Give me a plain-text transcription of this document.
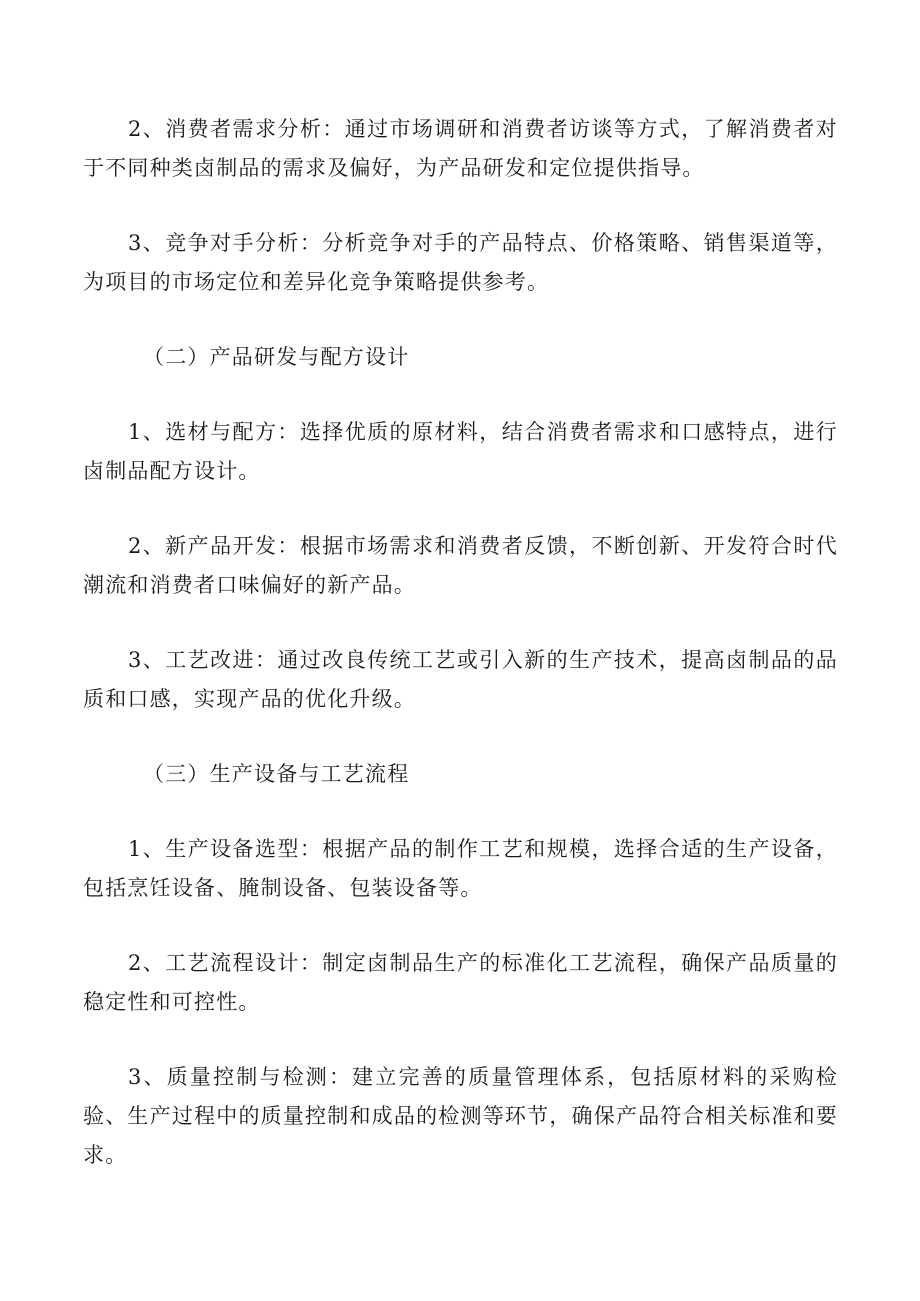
2、消费者需求分析：通过市场调研和消费者访谈等方式，了解消费者对于不同种类卤制品的需求及偏好，为产品研发和定位提供指导。

3、竞争对手分析：分析竞争对手的产品特点、价格策略、销售渠道等，为项目的市场定位和差异化竞争策略提供参考。

（二）产品研发与配方设计

1、选材与配方：选择优质的原材料，结合消费者需求和口感特点，进行卤制品配方设计。

2、新产品开发：根据市场需求和消费者反馈，不断创新、开发符合时代潮流和消费者口味偏好的新产品。

3、工艺改进：通过改良传统工艺或引入新的生产技术，提高卤制品的品质和口感，实现产品的优化升级。

（三）生产设备与工艺流程

1、生产设备选型：根据产品的制作工艺和规模，选择合适的生产设备，包括烹饪设备、腌制设备、包装设备等。

2、工艺流程设计：制定卤制品生产的标准化工艺流程，确保产品质量的稳定性和可控性。

3、质量控制与检测：建立完善的质量管理体系，包括原材料的采购检验、生产过程中的质量控制和成品的检测等环节，确保产品符合相关标准和要求。
